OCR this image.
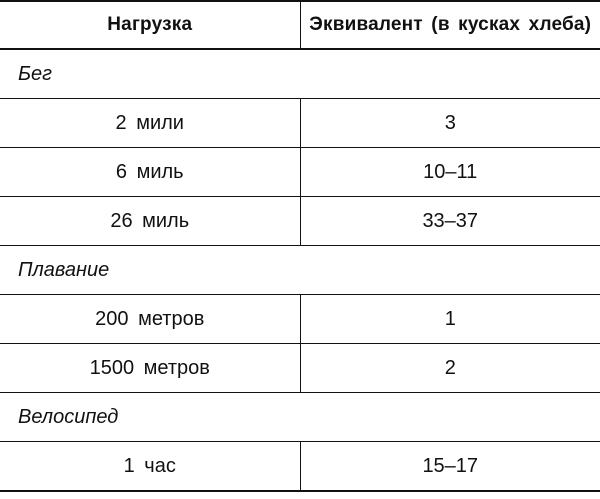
Нагрузка	Эквивалент (в кусках хлеба)
Бег	
2 мили	3
6 миль	10–11
26 миль	33–37
Плавание	
200 метров	1
1500 метров	2
Велосипед	
1 час	15–17
